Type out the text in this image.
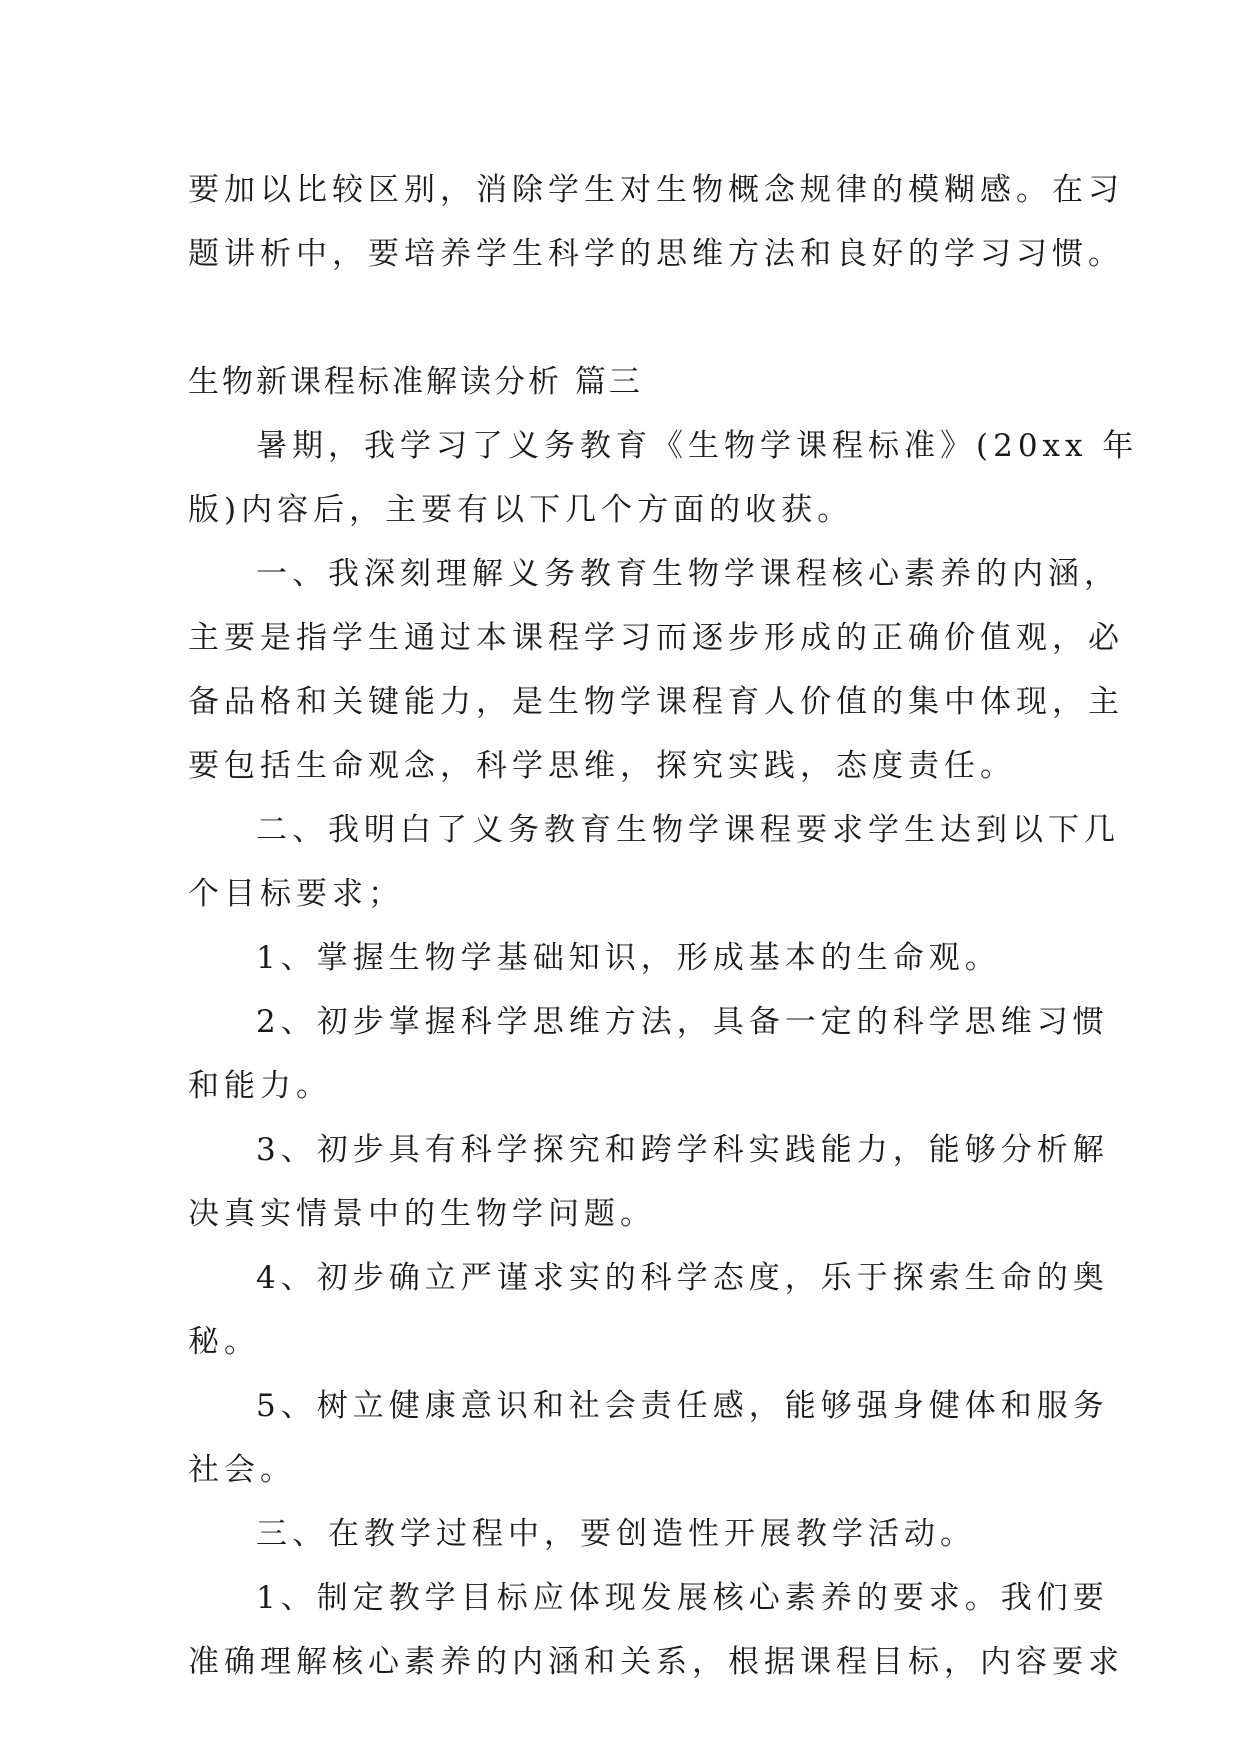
要加以比较区别，消除学生对生物概念规律的模糊感。在习
题讲析中，要培养学生科学的思维方法和良好的学习习惯。
生物新课程标准解读分析 篇三
暑期，我学习了义务教育《生物学课程标准》(20xx 年
版)内容后，主要有以下几个方面的收获。
一、我深刻理解义务教育生物学课程核心素养的内涵，
主要是指学生通过本课程学习而逐步形成的正确价值观，必
备品格和关键能力，是生物学课程育人价值的集中体现，主
要包括生命观念，科学思维，探究实践，态度责任。
二、我明白了义务教育生物学课程要求学生达到以下几
个目标要求；
1、掌握生物学基础知识，形成基本的生命观。
2、初步掌握科学思维方法，具备一定的科学思维习惯
和能力。
3、初步具有科学探究和跨学科实践能力，能够分析解
决真实情景中的生物学问题。
4、初步确立严谨求实的科学态度，乐于探索生命的奥
秘。
5、树立健康意识和社会责任感，能够强身健体和服务
社会。
三、在教学过程中，要创造性开展教学活动。
1、制定教学目标应体现发展核心素养的要求。我们要
准确理解核心素养的内涵和关系，根据课程目标，内容要求
